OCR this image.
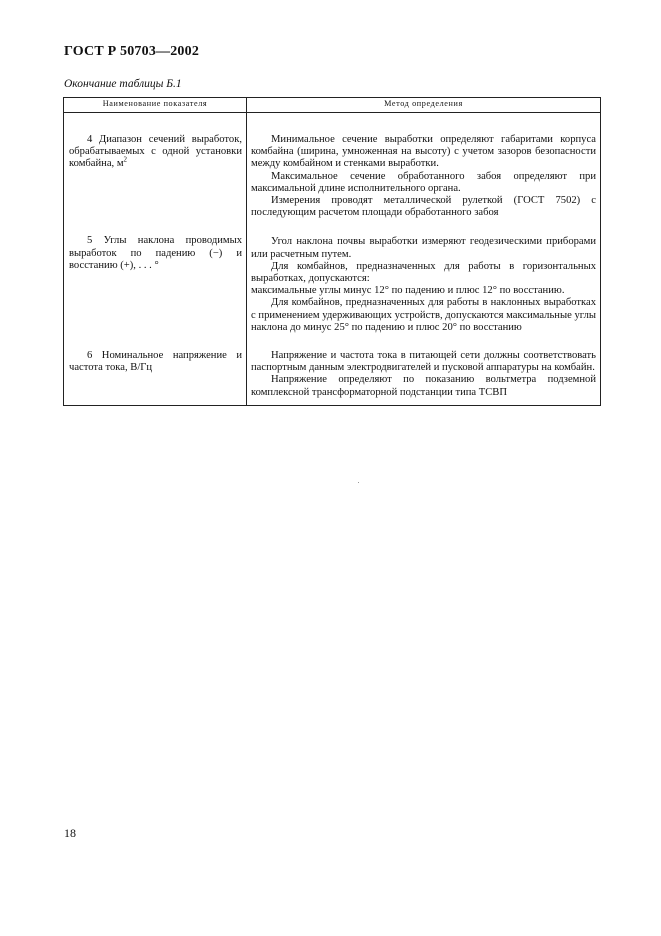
ГОСТ Р 50703—2002
Окончание таблицы Б.1
Наименование показателя	Метод определения

4 Диапазон сечений выработок, обрабатываемых с одной установки комбайна, $м^2$	Минимальное сечение выработки определяют габаритами корпуса комбайна (ширина, умноженная на высоту) с учетом зазоров безопасности между комбайном и стенками выработки.

Максимальное сечение обработанного забоя определяют при максимальной длине исполнительного органа.

Измерения проводят металлической рулеткой (ГОСТ 7502) с последующим расчетом площади обработанного забоя

5 Углы наклона проводимых выработок по падению (−) и восстанию (+), . . . °	Угол наклона почвы выработки измеряют геодезическими приборами или расчетным путем.

Для комбайнов, предназначенных для работы в горизонтальных выработках, допускаются:

максимальные углы минус 12° по падению и плюс 12° по восстанию.

Для комбайнов, предназначенных для работы в наклонных выработках с применением удерживающих устройств, допускаются максимальные углы наклона до минус 25° по падению и плюс 20° по восстанию

6 Номинальное напряжение и частота тока, В/Гц	Напряжение и частота тока в питающей сети должны соответствовать паспортным данным электродвигателей и пусковой аппаратуры на комбайн.

Напряжение определяют по показанию вольтметра подземной комплексной трансформаторной подстанции типа ТСВП

18
